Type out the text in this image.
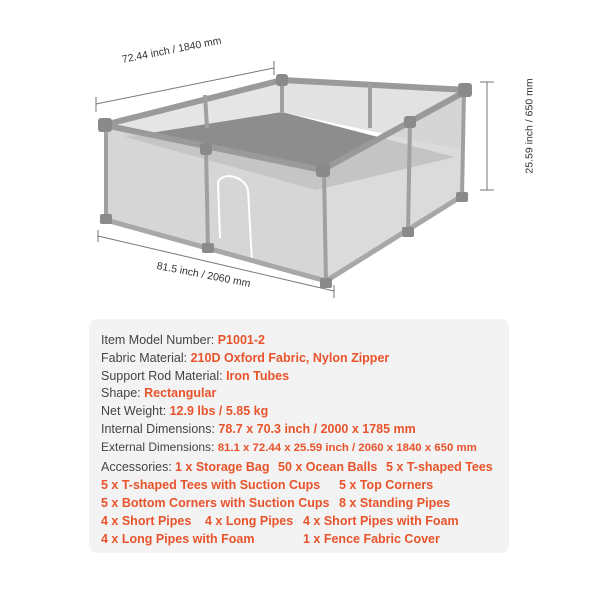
72.44 inch / 1840 mm
81.5 inch / 2060 mm
25.59 inch / 650 mm
Item Model Number: P1001-2
Fabric Material: 210D Oxford Fabric, Nylon Zipper
Support Rod Material: Iron Tubes
Shape: Rectangular
Net Weight: 12.9 lbs / 5.85 kg
Internal Dimensions: 78.7 x 70.3 inch / 2000 x 1785 mm
External Dimensions: 81.1 x 72.44 x 25.59 inch / 2060 x 1840 x 650 mm
Accessories: 1 x Storage Bag 50 x Ocean Balls 5 x T-shaped Tees
5 x T-shaped Tees with Suction Cups 5 x Top Corners
5 x Bottom Corners with Suction Cups 8 x Standing Pipes
4 x Short Pipes 4 x Long Pipes 4 x Short Pipes with Foam
4 x Long Pipes with Foam	1 x Fence Fabric Cover
